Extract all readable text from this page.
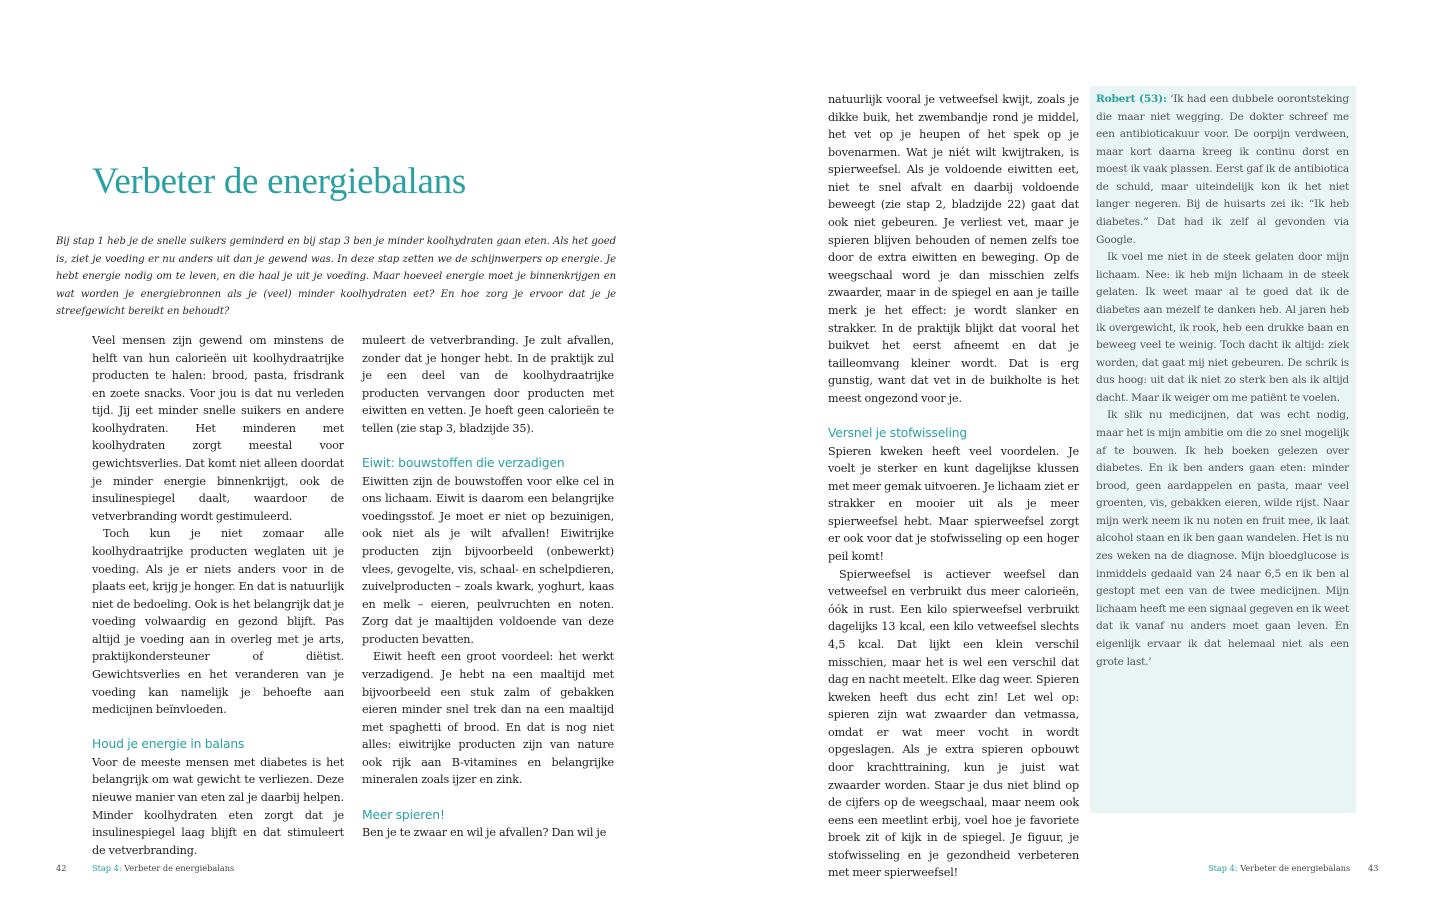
Verbeter de energiebalans

Bij stap 1 heb je de snelle suikers geminderd en bij stap 3 ben je minder koolhydraten gaan eten. Als het goed is, ziet je voeding er nu anders uit dan je gewend was. In deze stap zetten we de schijnwerpers op energie. Je hebt energie nodig om te leven, en die haal je uit je voeding. Maar hoeveel energie moet je binnenkrijgen en wat worden je energiebronnen als je (veel) minder koolhydraten eet? En hoe zorg je ervoor dat je je streefgewicht bereikt en behoudt?

Veel mensen zijn gewend om minstens de helft van hun calorieën uit koolhydraatrijke producten te halen: brood, pasta, frisdrank en zoete snacks. Voor jou is dat nu verleden tijd. Jij eet minder snelle suikers en andere koolhydraten. Het minderen met koolhydraten zorgt meestal voor gewichtsverlies. Dat komt niet alleen doordat je minder energie binnenkrijgt, ook de insulinespiegel daalt, waardoor de vetverbranding wordt gestimuleerd.

Toch kun je niet zomaar alle koolhydraatrijke producten weglaten uit je voeding. Als je er niets anders voor in de plaats eet, krijg je honger. En dat is natuurlijk niet de bedoeling. Ook is het belangrijk dat je voeding volwaardig en gezond blijft. Pas altijd je voeding aan in overleg met je arts, praktijkondersteuner of diëtist. Gewichtsverlies en het veranderen van je voeding kan namelijk je behoefte aan medicijnen beïnvloeden.

Houd je energie in balans

Voor de meeste mensen met diabetes is het belangrijk om wat gewicht te verliezen. Deze nieuwe manier van eten zal je daarbij helpen. Minder koolhydraten eten zorgt dat je insulinespiegel laag blijft en dat stimuleert de vetverbranding.

muleert de vetverbranding. Je zult afvallen, zonder dat je honger hebt. In de praktijk zul je een deel van de koolhydraatrijke producten vervangen door producten met eiwitten en vetten. Je hoeft geen calorieën te tellen (zie stap 3, bladzijde 35).

Eiwit: bouwstoffen die verzadigen

Eiwitten zijn de bouwstoffen voor elke cel in ons lichaam. Eiwit is daarom een belangrijke voedingsstof. Je moet er niet op bezuinigen, ook niet als je wilt afvallen! Eiwitrijke producten zijn bijvoorbeeld (onbewerkt) vlees, gevogelte, vis, schaal- en schelpdieren, zuivelproducten – zoals kwark, yoghurt, kaas en melk – eieren, peulvruchten en noten. Zorg dat je maaltijden voldoende van deze producten bevatten.

Eiwit heeft een groot voordeel: het werkt verzadigend. Je hebt na een maaltijd met bijvoorbeeld een stuk zalm of gebakken eieren minder snel trek dan na een maaltijd met spaghetti of brood. En dat is nog niet alles: eiwitrijke producten zijn van nature ook rijk aan B-vitamines en belangrijke mineralen zoals ijzer en zink.

Meer spieren!

Ben je te zwaar en wil je afvallen? Dan wil je

natuurlijk vooral je vetweefsel kwijt, zoals je dikke buik, het zwembandje rond je middel, het vet op je heupen of het spek op je bovenarmen. Wat je niét wilt kwijtraken, is spierweefsel. Als je voldoende eiwitten eet, niet te snel afvalt en daarbij voldoende beweegt (zie stap 2, bladzijde 22) gaat dat ook niet gebeuren. Je verliest vet, maar je spieren blijven behouden of nemen zelfs toe door de extra eiwitten en beweging. Op de weegschaal word je dan misschien zelfs zwaarder, maar in de spiegel en aan je taille merk je het effect: je wordt slanker en strakker. In de praktijk blijkt dat vooral het buikvet het eerst afneemt en dat je tailleomvang kleiner wordt. Dat is erg gunstig, want dat vet in de buikholte is het meest ongezond voor je.

Versnel je stofwisseling

Spieren kweken heeft veel voordelen. Je voelt je sterker en kunt dagelijkse klussen met meer gemak uitvoeren. Je lichaam ziet er strakker en mooier uit als je meer spierweefsel hebt. Maar spierweefsel zorgt er ook voor dat je stofwisseling op een hoger peil komt!

Spierweefsel is actiever weefsel dan vetweefsel en verbruikt dus meer calorieën, óók in rust. Een kilo spierweefsel verbruikt dagelijks 13 kcal, een kilo vetweefsel slechts 4,5 kcal. Dat lijkt een klein verschil misschien, maar het is wel een verschil dat dag en nacht meetelt. Elke dag weer. Spieren kweken heeft dus echt zin! Let wel op: spieren zijn wat zwaarder dan vetmassa, omdat er wat meer vocht in wordt opgeslagen. Als je extra spieren opbouwt door krachttraining, kun je juist wat zwaarder worden. Staar je dus niet blind op de cijfers op de weegschaal, maar neem ook eens een meetlint erbij, voel hoe je favoriete broek zit of kijk in de spiegel. Je figuur, je stofwisseling en je gezondheid verbeteren met meer spierweefsel!

Robert (53): ‘Ik had een dubbele oorontsteking die maar niet wegging. De dokter schreef me een antibioticakuur voor. De oorpijn verdween, maar kort daarna kreeg ik continu dorst en moest ik vaak plassen. Eerst gaf ik de antibiotica de schuld, maar uiteindelijk kon ik het niet langer negeren. Bij de huisarts zei ik: “Ik heb diabetes.” Dat had ik zelf al gevonden via Google.

Ik voel me niet in de steek gelaten door mijn lichaam. Nee: ik heb mijn lichaam in de steek gelaten. Ik weet maar al te goed dat ik de diabetes aan mezelf te danken heb. Al jaren heb ik overgewicht, ik rook, heb een drukke baan en beweeg veel te weinig. Toch dacht ik altijd: ziek worden, dat gaat mij niet gebeuren. De schrik is dus hoog: uit dat ik niet zo sterk ben als ik altijd dacht. Maar ik weiger om me patiënt te voelen.

Ik slik nu medicijnen, dat was echt nodig, maar het is mijn ambitie om die zo snel mogelijk af te bouwen. Ik heb boeken gelezen over diabetes. En ik ben anders gaan eten: minder brood, geen aardappelen en pasta, maar veel groenten, vis, gebakken eieren, wilde rijst. Naar mijn werk neem ik nu noten en fruit mee, ik laat alcohol staan en ik ben gaan wandelen. Het is nu zes weken na de diagnose. Mijn bloedglucose is inmiddels gedaald van 24 naar 6,5 en ik ben al gestopt met een van de twee medicijnen. Mijn lichaam heeft me een signaal gegeven en ik weet dat ik vanaf nu anders moet gaan leven. En eigenlijk ervaar ik dat helemaal niet als een grote last.’

42	Stap 4: Verbeter de energiebalans	Stap 4: Verbeter de energiebalans 43
